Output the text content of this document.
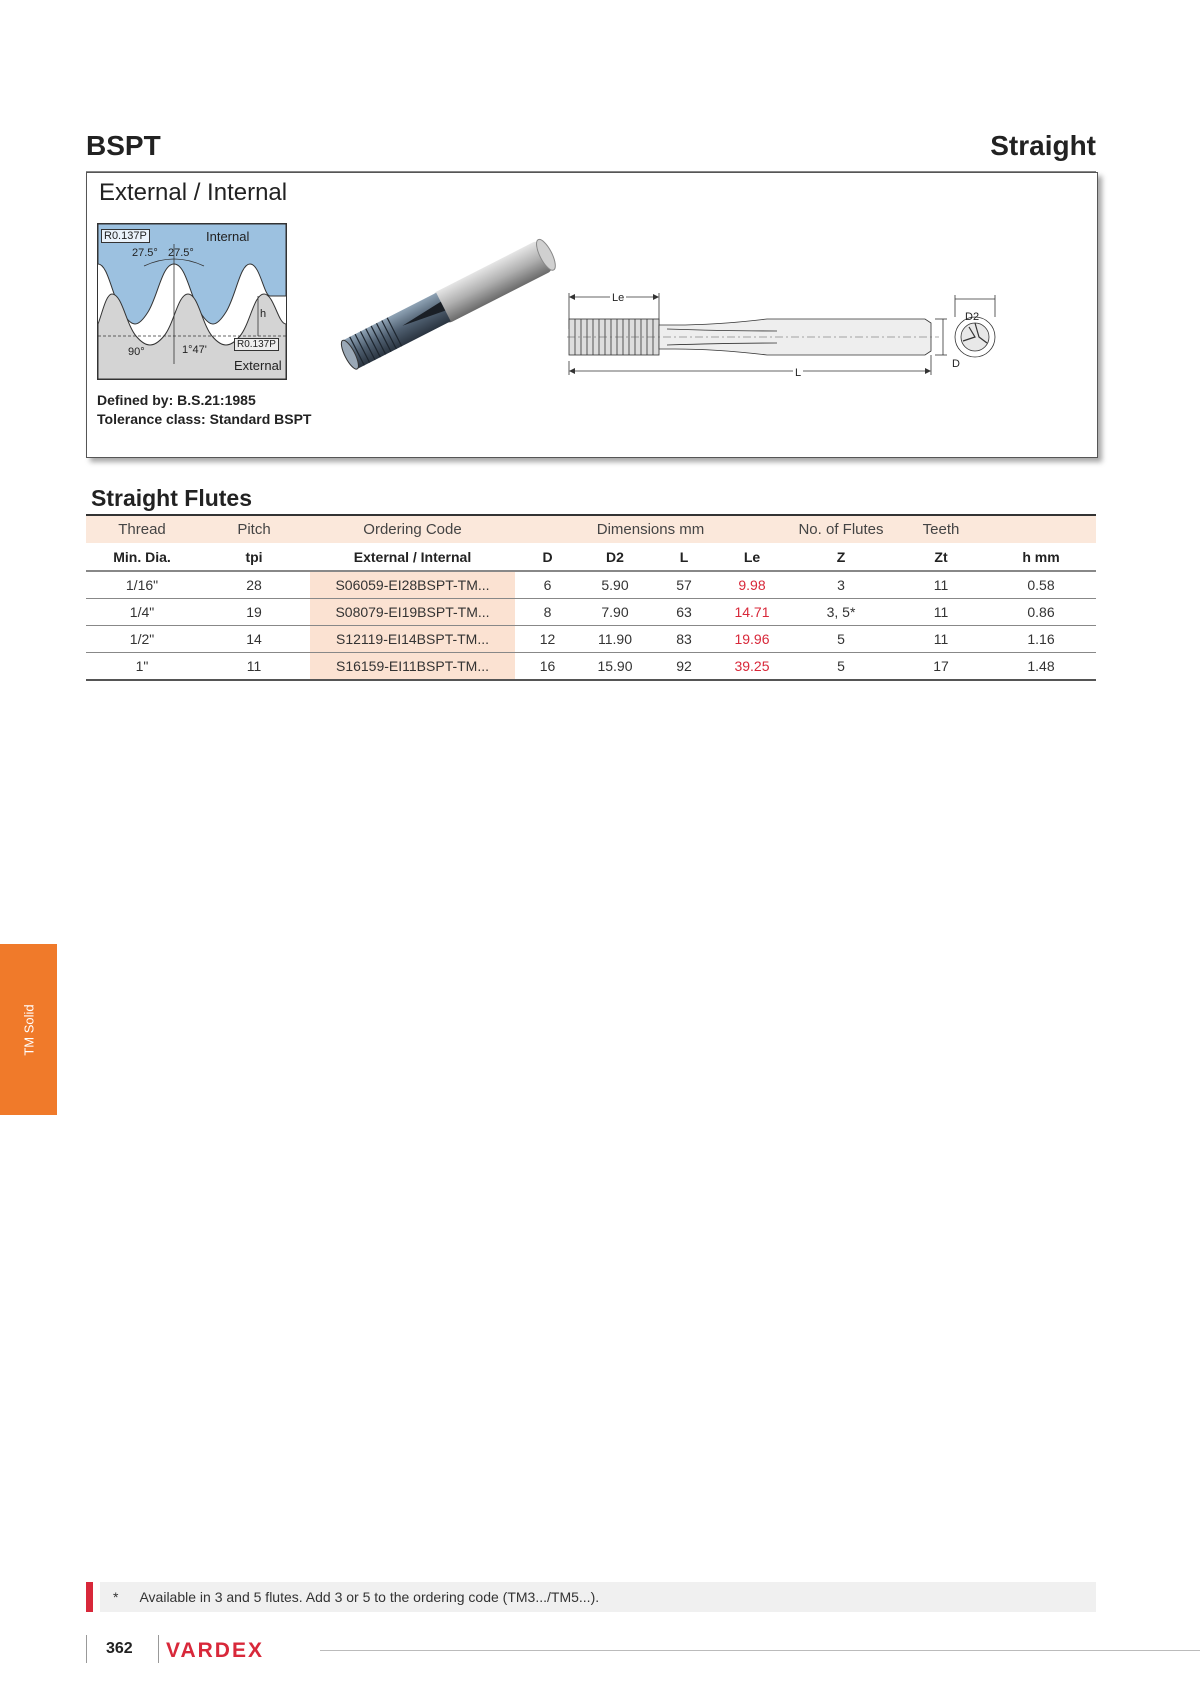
BSPT	Straight
External / Internal
R0.137P	Internal
27.5° 27.5°
h
R0.137P
90°	1°47'
External
Defined by: B.S.21:1985
Tolerance class: Standard BSPT
Le
L
D
D2
Straight Flutes
Thread	Pitch	Ordering Code	Dimensions mm				No. of Flutes	Teeth	
Min. Dia.	tpi	External / Internal	D	D2	L	Le	Z	Zt	h mm
1/16"	28	S06059-EI28BSPT-TM...	6	5.90	57	9.98	3	11	0.58
1/4"	19	S08079-EI19BSPT-TM...	8	7.90	63	14.71	3, 5*	11	0.86
1/2"	14	S12119-EI14BSPT-TM...	12	11.90	83	19.96	5	11	1.16
1"	11	S16159-EI11BSPT-TM...	16	15.90	92	39.25	5	17	1.48
TM Solid
* Available in 3 and 5 flutes. Add 3 or 5 to the ordering code (TM3.../TM5...).
362 VARDEX
